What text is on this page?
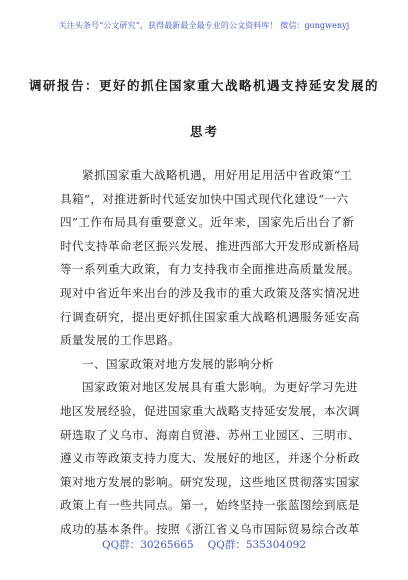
关注头条号“公文研究”，获得最新最全最专业的公文资料库！ 微信：gongwenyj
调研报告：更好的抓住国家重大战略机遇支持延安发展的
思考
紧抓国家重大战略机遇，用好用足用活中省政策“工
具箱”，对推进新时代延安加快中国式现代化建设“一六
四”工作布局具有重要意义。近年来，国家先后出台了新
时代支持革命老区振兴发展、推进西部大开发形成新格局
等一系列重大政策，有力支持我市全面推进高质量发展。
现对中省近年来出台的涉及我市的重大政策及落实情况进
行调查研究，提出更好抓住国家重大战略机遇服务延安高
质量发展的工作思路。
一、国家政策对地方发展的影响分析
国家政策对地区发展具有重大影响。为更好学习先进
地区发展经验，促进国家重大战略支持延安发展，本次调
研选取了义乌市、海南自贸港、苏州工业园区、三明市、
遵义市等政策支持力度大、发展好的地区，并逐个分析政
策对地方发展的影响。研究发现，这些地区贯彻落实国家
政策上有一些共同点。第一，始终坚持一张蓝图绘到底是
成功的基本条件。按照《浙江省义乌市国际贸易综合改革
QQ群：30265665 QQ群：535304092
